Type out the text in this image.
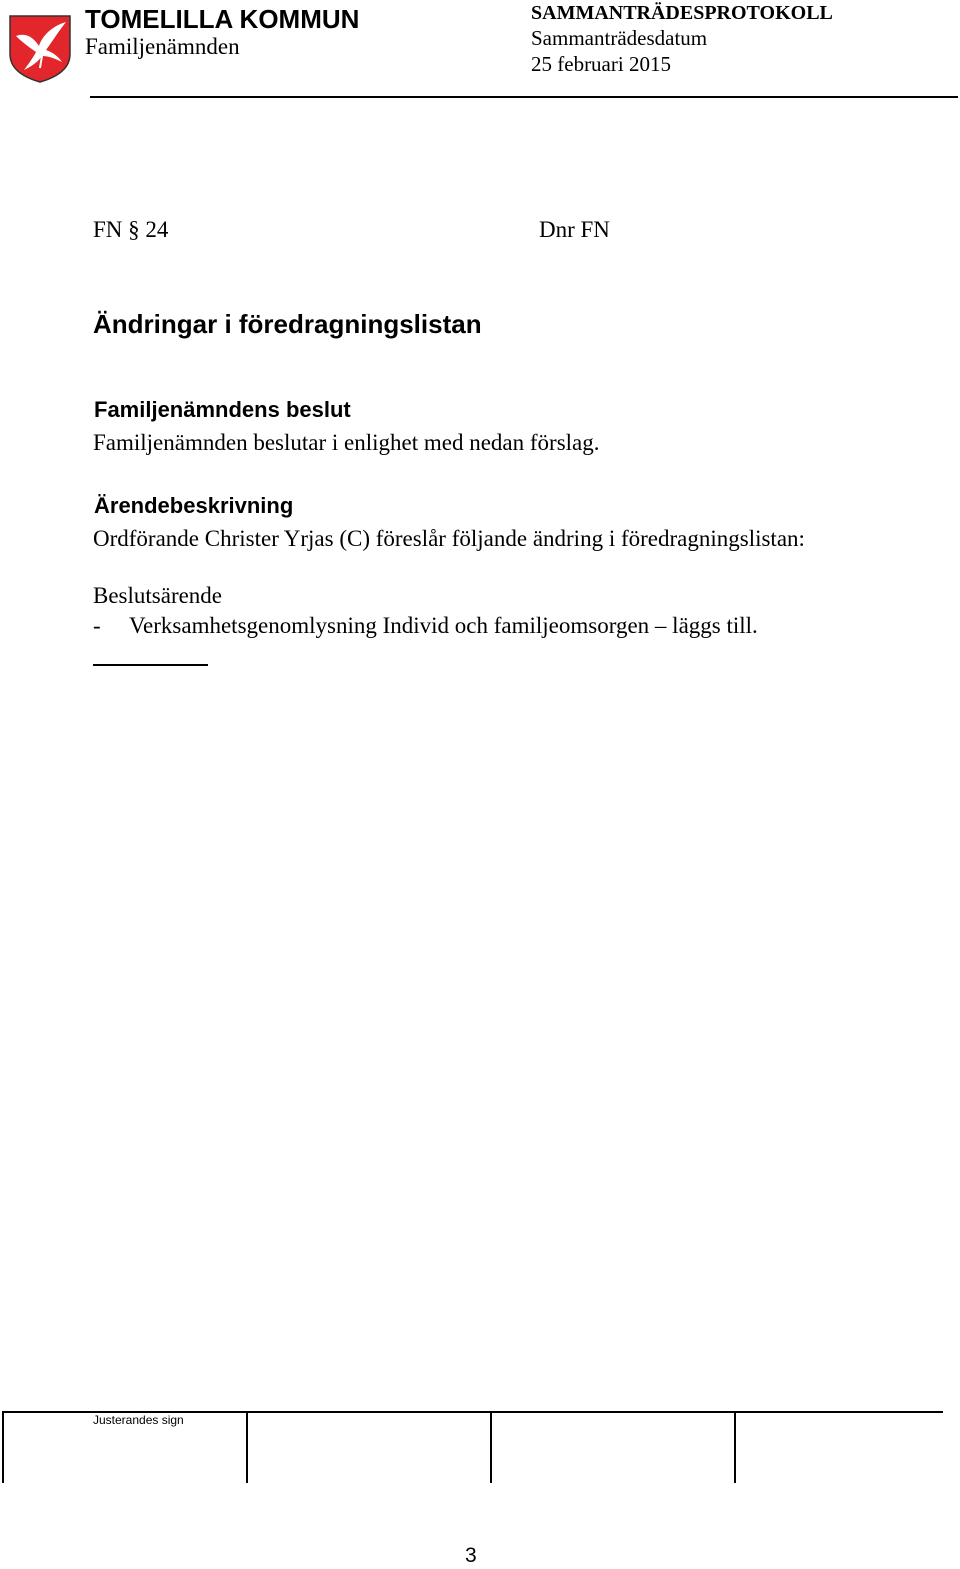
TOMELILLA KOMMUN
Familjenämnden
SAMMANTRÄDESPROTOKOLL
Sammanträdesdatum
25 februari 2015
FN § 24	Dnr FN
Ändringar i föredragningslistan
Familjenämndens beslut
Familjenämnden beslutar i enlighet med nedan förslag.
Ärendebeskrivning
Ordförande Christer Yrjas (C) föreslår följande ändring i föredragningslistan:
Beslutsärende
- Verksamhetsgenomlysning Individ och familjeomsorgen – läggs till.
Justerandes sign
3
